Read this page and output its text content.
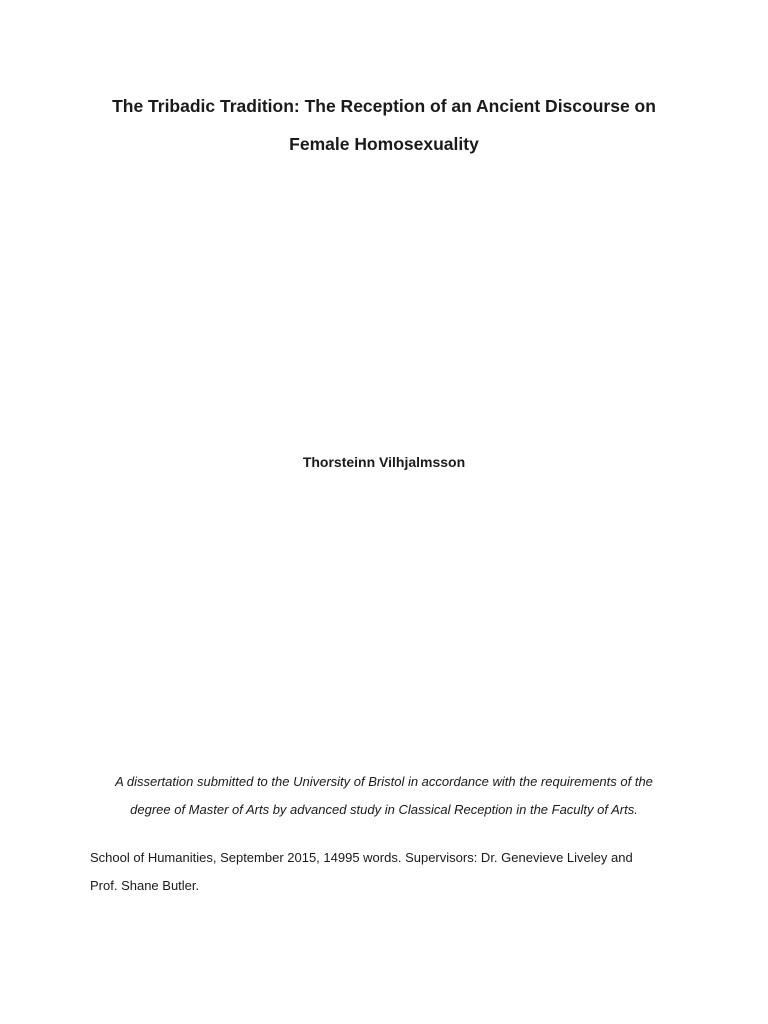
The Tribadic Tradition: The Reception of an Ancient Discourse on
Female Homosexuality

Thorsteinn Vilhjalmsson

A dissertation submitted to the University of Bristol in accordance with the requirements of the

degree of Master of Arts by advanced study in Classical Reception in the Faculty of Arts.

School of Humanities, September 2015, 14995 words. Supervisors: Dr. Genevieve Liveley and

Prof. Shane Butler.
